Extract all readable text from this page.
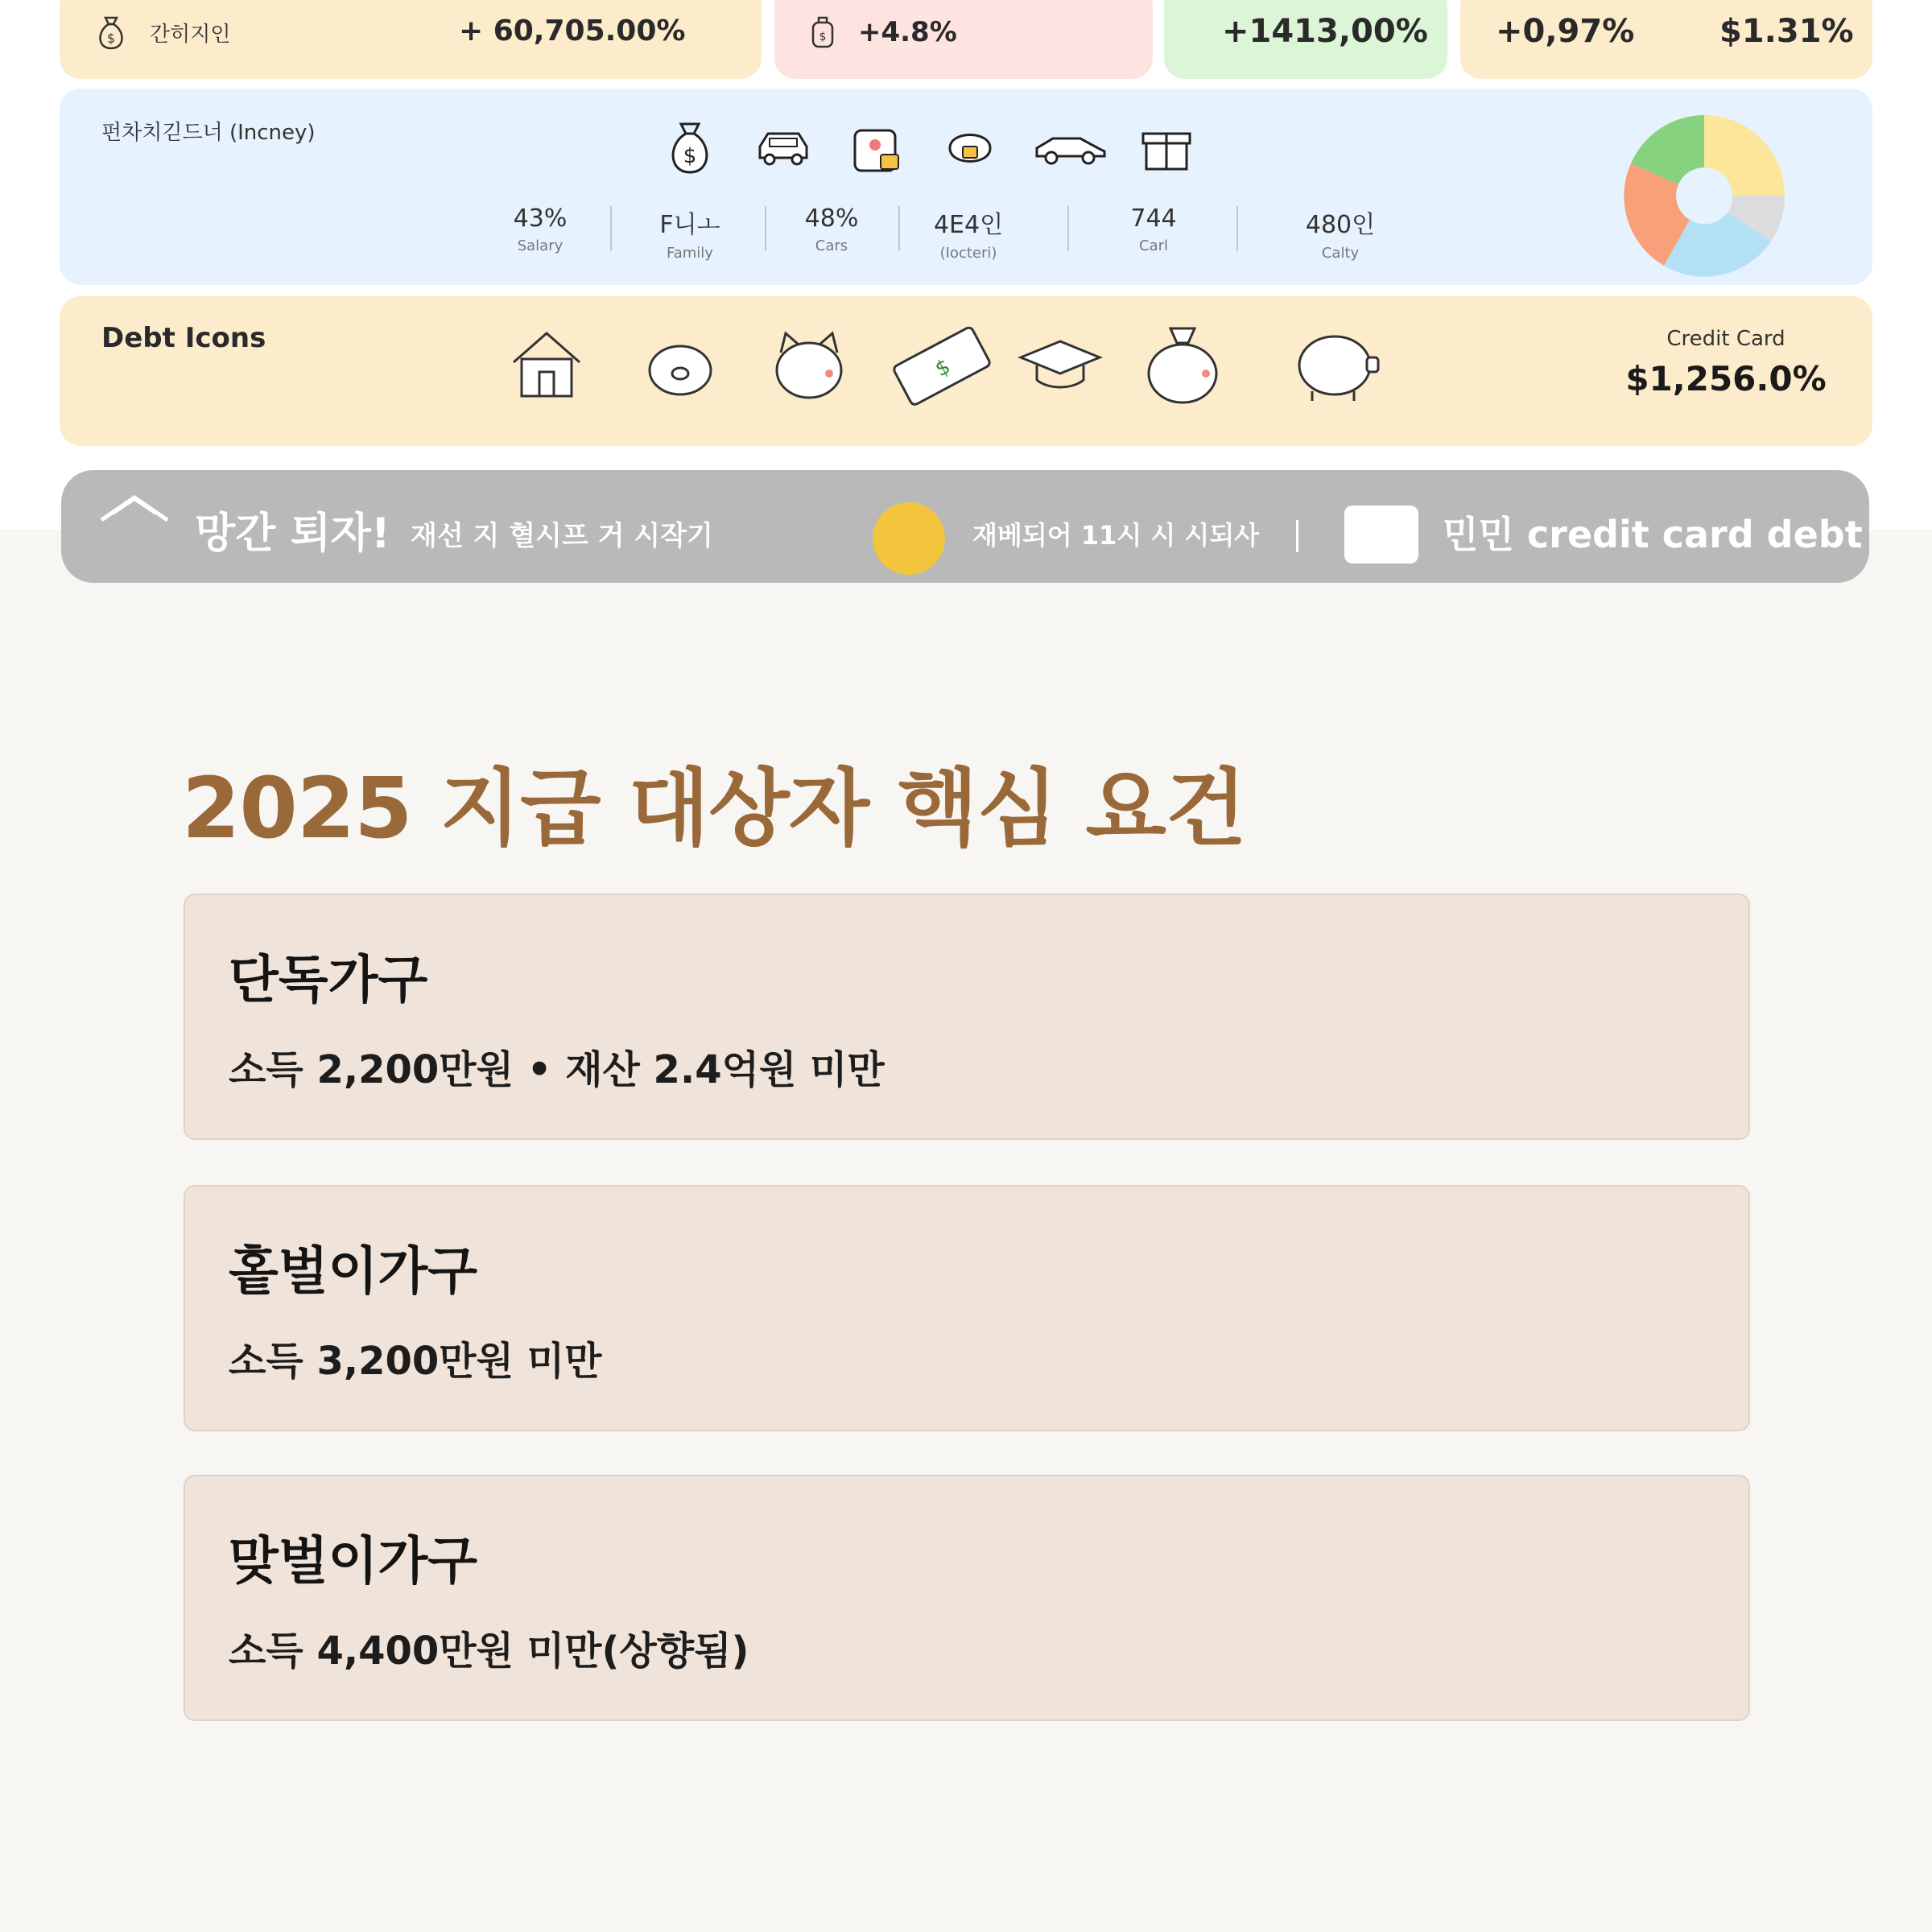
$ 간히지인	+ 60,705.00%	$ +4.8%	+1413,00% +0,97%	$1.31%
펀차치긷드너 (Incney)
$
43%
Salary
F니ㅗ
Family
48%
Cars
4E4인
(Iocteri)
744
Carl
480인
Calty
Debt Icons
$
Credit Card
$1,256.0%
망간 퇴자! 재선 지 혈시프 거 시작기	재베되어 11시 시 시되사	민민 credit card debt
2025 지급 대상자 핵심 요건
단독가구
소득 2,200만원 • 재산 2.4억원 미만
홑벌이가구
소득 3,200만원 미만
맞벌이가구
소득 4,400만원 미만(상향됨)
